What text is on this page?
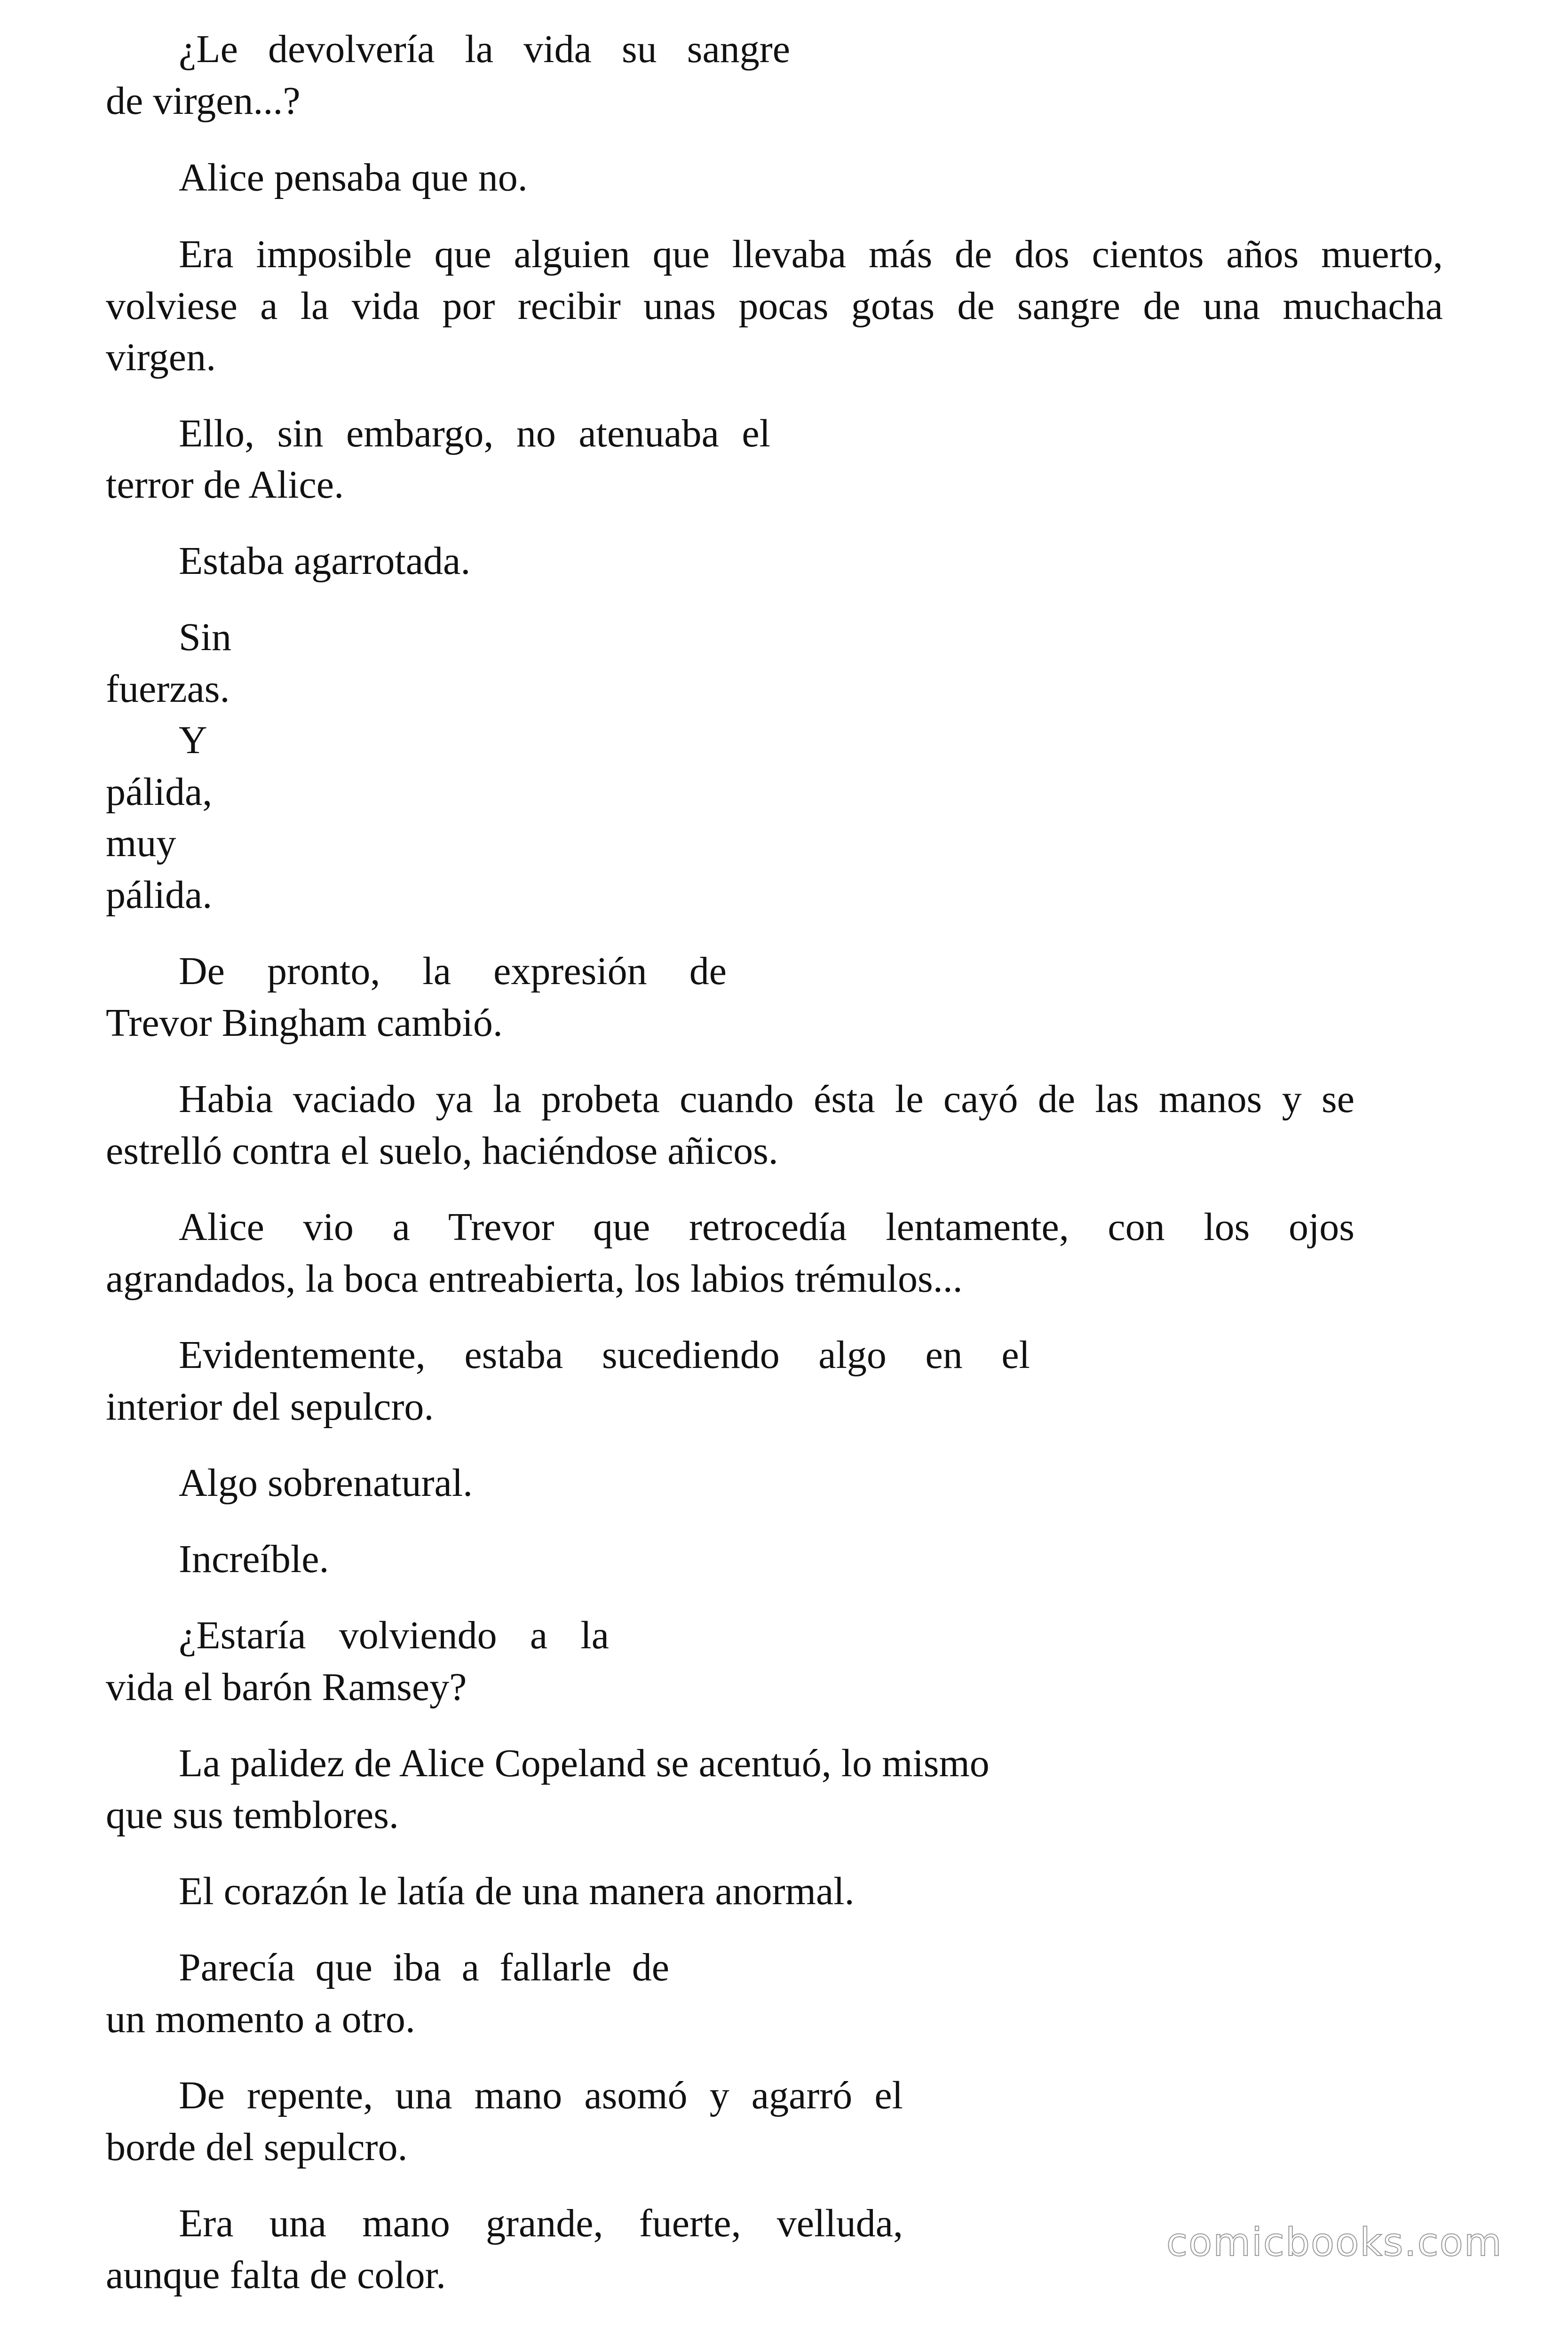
¿Le devolvería la vida su sangre
de virgen...?
Alice pensaba que no.
Era imposible que alguien que llevaba más de dos cientos años muerto,
volviese a la vida por recibir unas pocas gotas de sangre de una muchacha
virgen.
Ello, sin embargo, no atenuaba el
terror de Alice.
Estaba agarrotada.
Sin
fuerzas.
Y
pálida,
muy
pálida.
De pronto, la expresión de
Trevor Bingham cambió.
Habia vaciado ya la probeta cuando ésta le cayó de las manos y se
estrelló contra el suelo, haciéndose añicos.
Alice vio a Trevor que retrocedía lentamente, con los ojos
agrandados, la boca entreabierta, los labios trémulos...
Evidentemente, estaba sucediendo algo en el
interior del sepulcro.
Algo sobrenatural.
Increíble.
¿Estaría volviendo a la
vida el barón Ramsey?
La palidez de Alice Copeland se acentuó, lo mismo
que sus temblores.
El corazón le latía de una manera anormal.
Parecía que iba a fallarle de
un momento a otro.
De repente, una mano asomó y agarró el
borde del sepulcro.
Era una mano grande, fuerte, velluda,
aunque falta de color.
comicbooks.com
